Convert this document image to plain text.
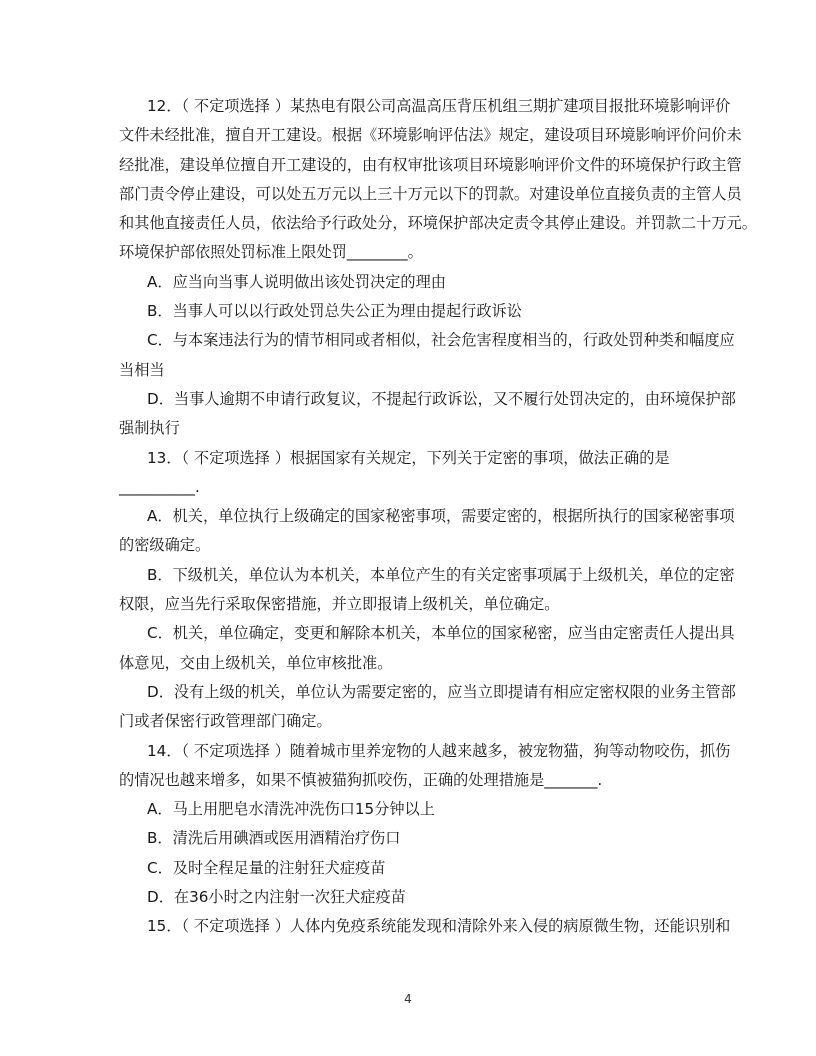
12．（ 不定项选择 ）某热电有限公司高温高压背压机组三期扩建项目报批环境影响评价
文件未经批准，擅自开工建设。根据《环境影响评估法》规定，建设项目环境影响评价问价未
经批准，建设单位擅自开工建设的，由有权审批该项目环境影响评价文件的环境保护行政主管
部门责令停止建设，可以处五万元以上三十万元以下的罚款。对建设单位直接负责的主管人员
和其他直接责任人员，依法给予行政处分，环境保护部决定责令其停止建设。并罚款二十万元。
环境保护部依照处罚标准上限处罚________。
A．应当向当事人说明做出该处罚决定的理由
B．当事人可以以行政处罚总失公正为理由提起行政诉讼
C．与本案违法行为的情节相同或者相似，社会危害程度相当的，行政处罚种类和幅度应
当相当
D．当事人逾期不申请行政复议，不提起行政诉讼，又不履行处罚决定的，由环境保护部
强制执行
13．（ 不定项选择 ）根据国家有关规定，下列关于定密的事项，做法正确的是
__________.
A．机关，单位执行上级确定的国家秘密事项，需要定密的，根据所执行的国家秘密事项
的密级确定。
B．下级机关，单位认为本机关，本单位产生的有关定密事项属于上级机关，单位的定密
权限，应当先行采取保密措施，并立即报请上级机关，单位确定。
C．机关，单位确定，变更和解除本机关，本单位的国家秘密，应当由定密责任人提出具
体意见，交由上级机关，单位审核批准。
D．没有上级的机关，单位认为需要定密的，应当立即提请有相应定密权限的业务主管部
门或者保密行政管理部门确定。
14．（ 不定项选择 ）随着城市里养宠物的人越来越多，被宠物猫，狗等动物咬伤，抓伤
的情况也越来增多，如果不慎被猫狗抓咬伤，正确的处理措施是_______.
A．马上用肥皂水清洗冲洗伤口15分钟以上
B．清洗后用碘酒或医用酒精治疗伤口
C．及时全程足量的注射狂犬症疫苗
D．在36小时之内注射一次狂犬症疫苗
15．（ 不定项选择 ）人体内免疫系统能发现和清除外来入侵的病原微生物，还能识别和
4
